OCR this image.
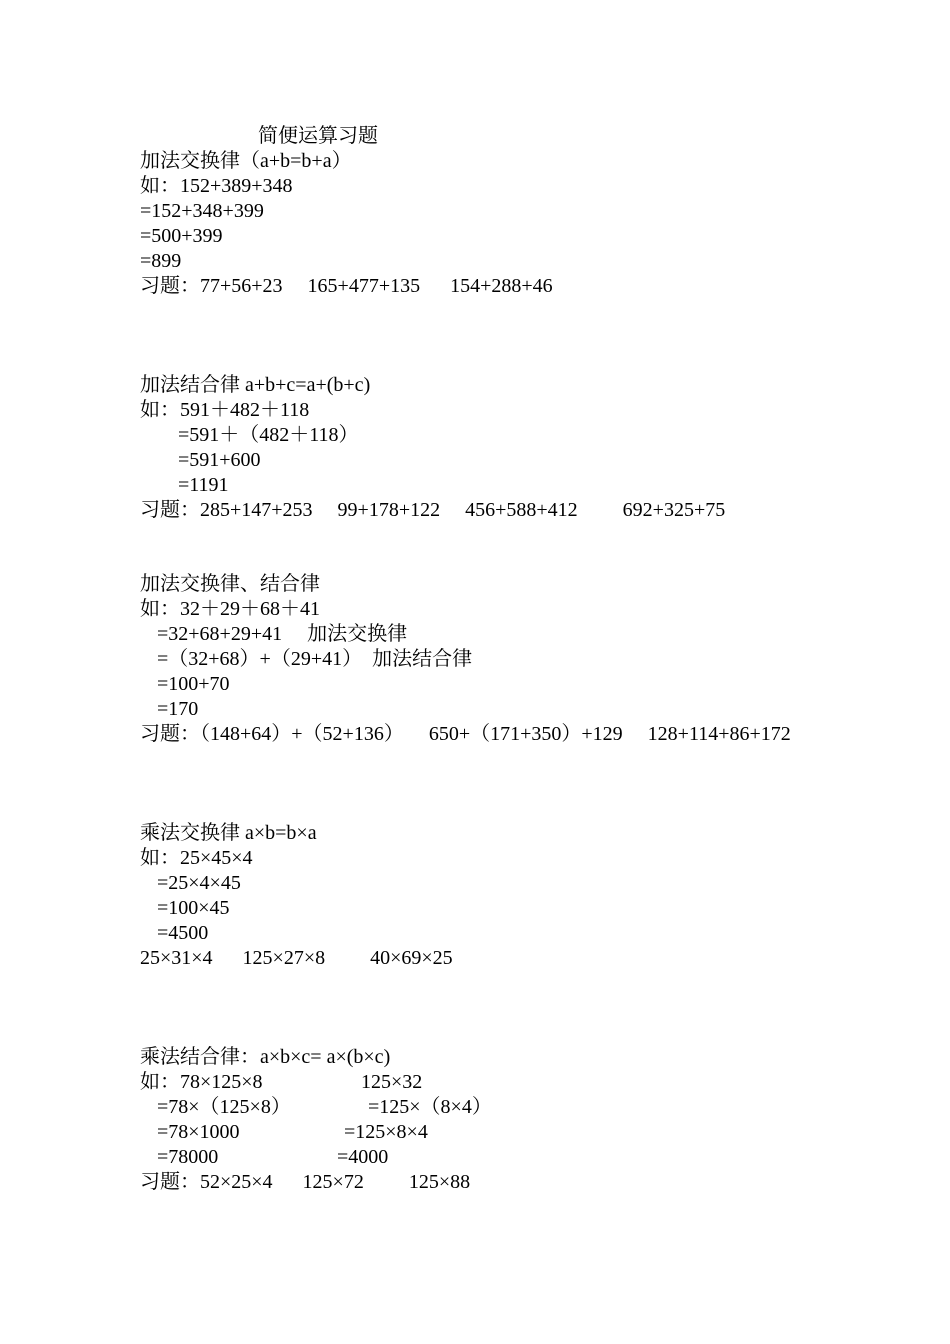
简便运算习题
加法交换律（a+b=b+a）
如：152+389+348
=152+348+399
=500+399
=899
习题：77+56+23　 165+477+135 　 154+288+46
加法结合律 a+b+c=a+(b+c)
如：591＋482＋118
=591＋（482＋118）
=591+600
=1191
习题：285+147+253 　99+178+122 　456+588+412 　　692+325+75
加法交换律、结合律
如：32＋29＋68＋41
=32+68+29+41 　加法交换律
=（32+68）+（29+41）　加法结合律
=100+70
=170
习题：（148+64）+（52+136） 　650+（171+350）+129 　128+114+86+172
乘法交换律 a×b=b×a
如：25×45×4
=25×4×45
=100×45
=4500
25×31×4 　 125×27×8 　　40×69×25
乘法结合律：a×b×c= a×(b×c)
如：78×125×8
=78×（125×8）
=78×1000
=78000
125×32
=125×（8×4）
=125×8×4
=4000
习题：52×25×4 　 125×72 　　125×88
